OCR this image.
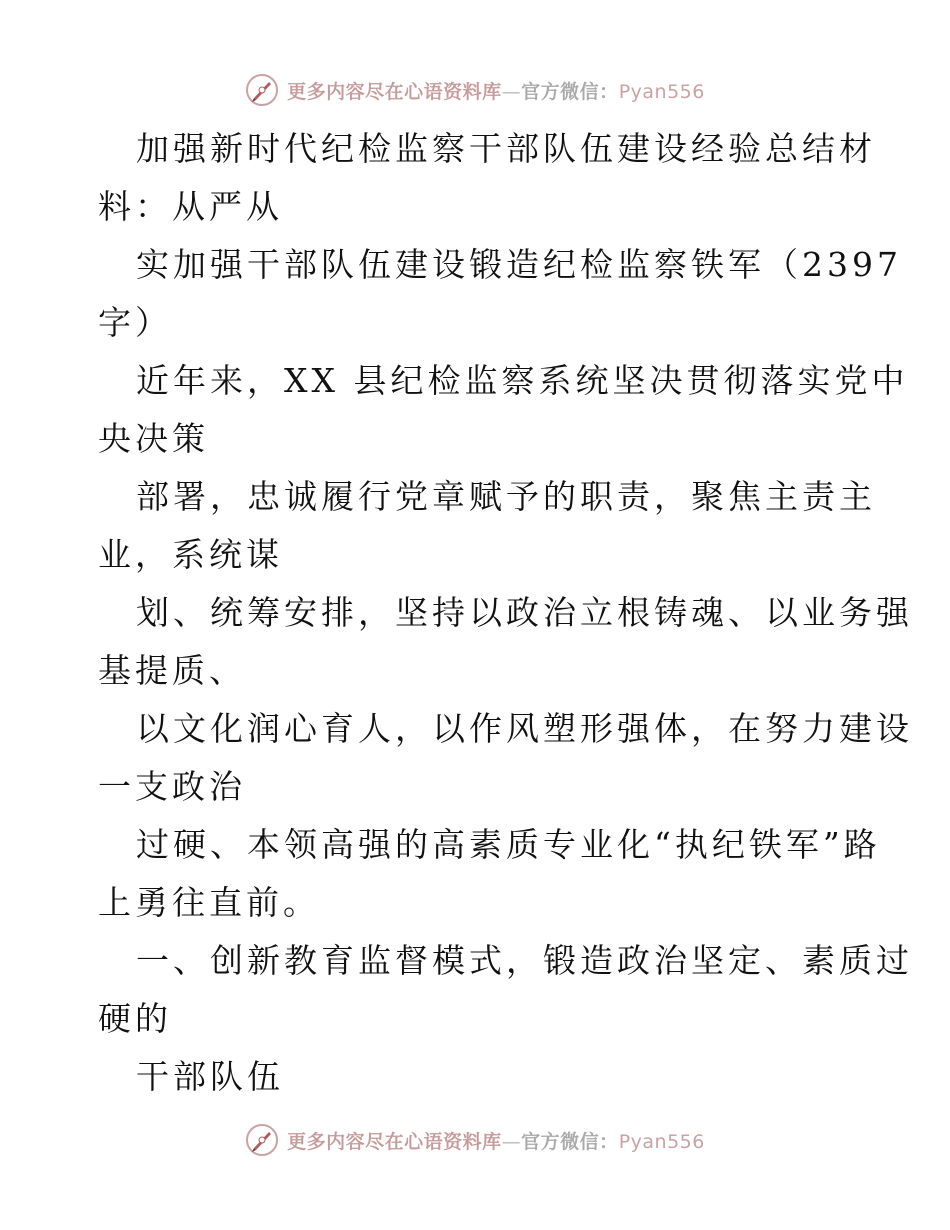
更多内容尽在心语资料库—官方微信：Pyan556
加强新时代纪检监察干部队伍建设经验总结材
料：从严从
实加强干部队伍建设锻造纪检监察铁军（2397
字）
近年来，XX 县纪检监察系统坚决贯彻落实党中
央决策
部署，忠诚履行党章赋予的职责，聚焦主责主
业，系统谋
划、统筹安排，坚持以政治立根铸魂、以业务强
基提质、
以文化润心育人，以作风塑形强体，在努力建设
一支政治
过硬、本领高强的高素质专业化“执纪铁军”路
上勇往直前。
一、创新教育监督模式，锻造政治坚定、素质过
硬的
干部队伍
更多内容尽在心语资料库—官方微信：Pyan556
